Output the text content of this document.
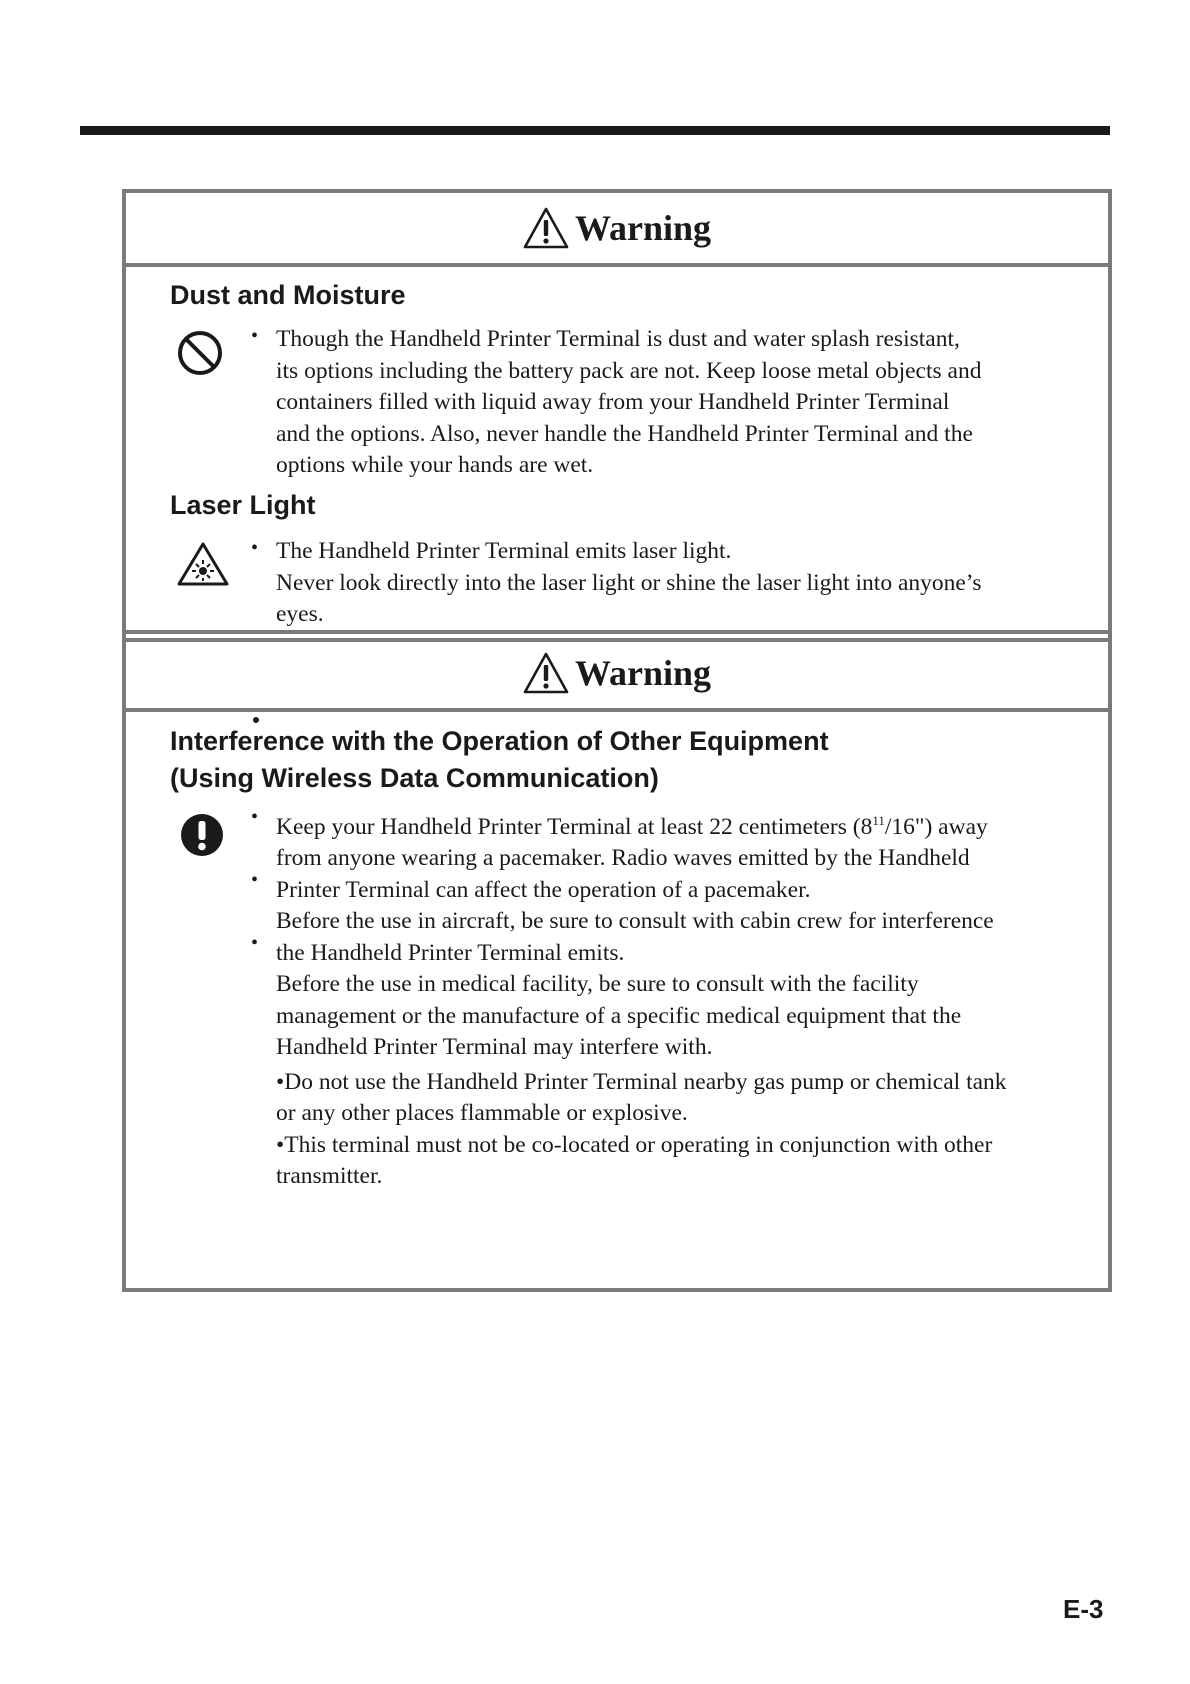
Warning
Dust and Moisture
• Though the Handheld Printer Terminal is dust and water splash resistant,
its options including the battery pack are not. Keep loose metal objects and
containers filled with liquid away from your Handheld Printer Terminal
and the options. Also, never handle the Handheld Printer Terminal and the
options while your hands are wet.
Laser Light
• The Handheld Printer Terminal emits laser light.
Never look directly into the laser light or shine the laser light into anyone’s
eyes.
Warning
Interference with the Operation of Other Equipment
(Using Wireless Data Communication)
•
•
•
Keep your Handheld Printer Terminal at least 22 centimeters $(8^{11}/16")$ away
from anyone wearing a pacemaker. Radio waves emitted by the Handheld
Printer Terminal can affect the operation of a pacemaker.
Before the use in aircraft, be sure to consult with cabin crew for interference
the Handheld Printer Terminal emits.
Before the use in medical facility, be sure to consult with the facility
management or the manufacture of a specific medical equipment that the
Handheld Printer Terminal may interfere with.
•Do not use the Handheld Printer Terminal nearby gas pump or chemical tank
or any other places flammable or explosive.
•This terminal must not be co-located or operating in conjunction with other
transmitter.
E-3
